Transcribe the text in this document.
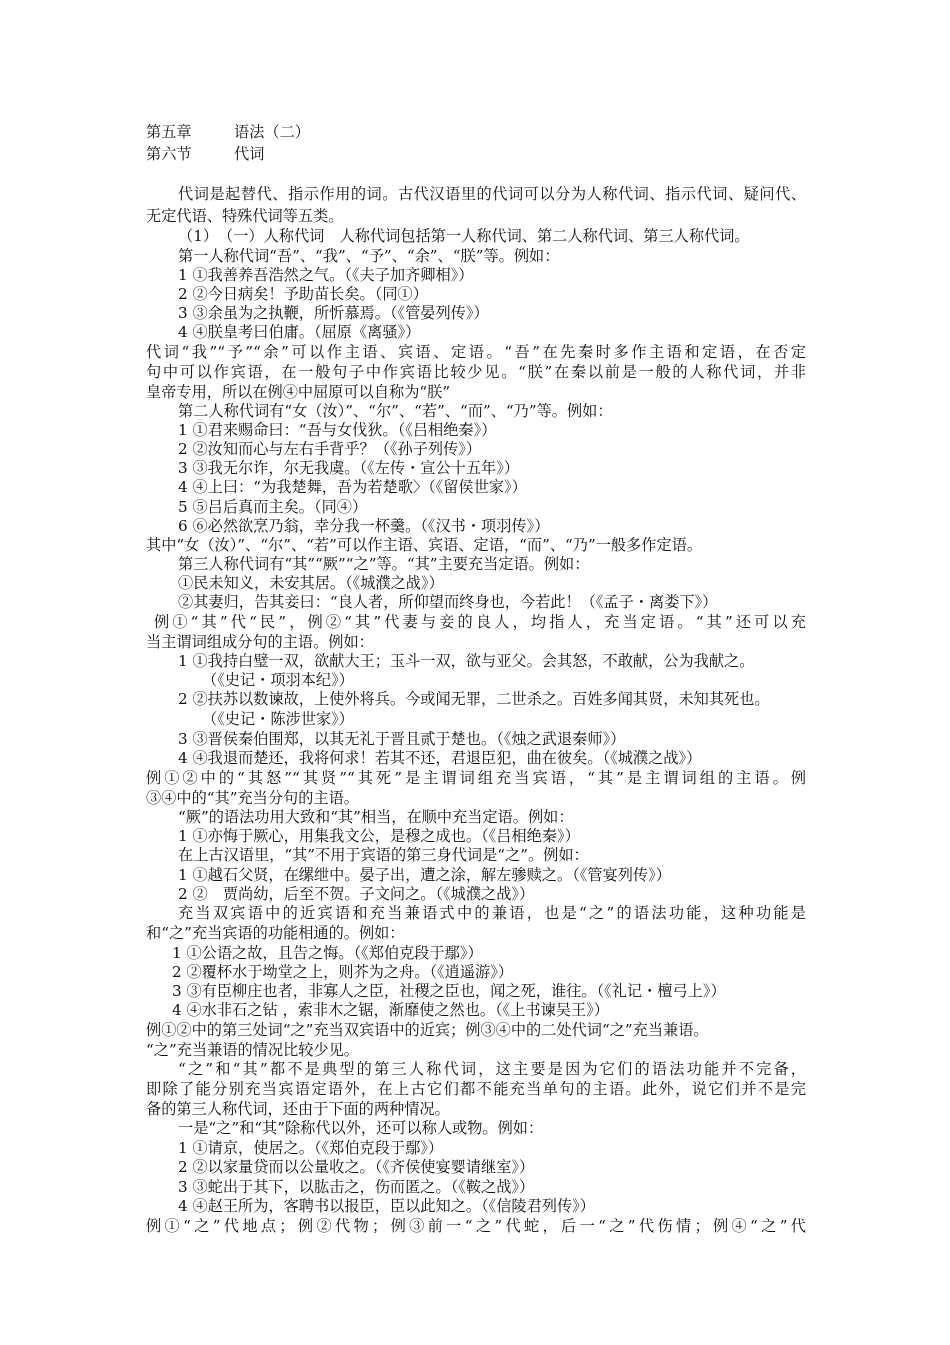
第五章	语法（二）
第六节	代词
代词是起替代、指示作用的词。古代汉语里的代词可以分为人称代词、指示代词、疑问代、
无定代语、特殊代词等五类。
（1）　（一）人称代词　人称代词包括第一人称代词、第二人称代词、第三人称代词。
第一人称代词“吾”、“我”、“予”、“余”、“朕”等。例如：
1 ①我善养吾浩然之气。（《夫子加齐卿相》）
2 ②今日病矣！予助苗长矣。（同①）
3 ③余虽为之执鞭，所忻慕焉。（《管晏列传》）
4 ④朕皇考曰伯庸。（屈原《离骚》）
代词“我”“予”“余”可以作主语、宾语、定语。“吾”在先秦时多作主语和定语，在否定
句中可以作宾语，在一般句子中作宾语比较少见。“朕”在秦以前是一般的人称代词，并非
皇帝专用，所以在例④中屈原可以自称为“朕”
第二人称代词有“女（汝）”、“尔”、“若”、“而”、“乃”等。例如：
1 ①君来赐命曰：“吾与女伐狄。（《吕相绝秦》）
2 ②汝知而心与左右手背乎？（《孙子列传》）
3 ③我无尔诈，尔无我虞。（《左传・宣公十五年》）
4 ④上曰：“为我楚舞，吾为若楚歌〉（《留侯世家》）
5 ⑤吕后真而主矣。（同④）
6 ⑥必然欲烹乃翁，幸分我一杯羹。（《汉书・项羽传》）
其中“女（汝）”、“尔”、“若”可以作主语、宾语、定语，“而”、“乃”一般多作定语。
第三人称代词有“其”“厥”“之”等。“其”主要充当定语。例如：
①民未知义，未安其居。（《城濮之战》）
②其妻归，告其妾曰：“良人者，所仰望而终身也，今若此！（《孟子・离娄下》）
例①“其”代“民”，例②“其”代妻与妾的良人，均指人，充当定语。“其”还可以充
当主谓词组成分句的主语。例如：
1 ①我持白璧一双，欲献大王；玉斗一双，欲与亚父。会其怒，不敢献，公为我献之。
（《史记・项羽本纪》）
2 ②扶苏以数谏故，上使外将兵。今或闻无罪，二世杀之。百姓多闻其贤，未知其死也。
（《史记・陈涉世家》）
3 ③晋侯秦伯围郑，以其无礼于晋且贰于楚也。（《烛之武退秦师》）
4 ④我退而楚还，我将何求！若其不还，君退臣犯，曲在彼矣。（《城濮之战》）
例①②中的“其怒”“其贤”“其死”是主谓词组充当宾语，“其”是主谓词组的主语。例
③④中的“其”充当分句的主语。
“厥”的语法功用大致和“其”相当，在顺中充当定语。例如：
1 ①亦悔于厥心，用集我文公，是穆之成也。（《吕相绝秦》）
在上古汉语里，“其”不用于宾语的第三身代词是“之”。例如：
1 ①越石父贤，在缧绁中。晏子出，遭之涂，解左骖赎之。（《管宴列传》）
2 ②　贾尚幼，后至不贺。子文问之。（《城濮之战》）
充当双宾语中的近宾语和充当兼语式中的兼语，也是“之”的语法功能，这种功能是
和“之”充当宾语的功能相通的。例如：
1 ①公语之故，且告之悔。（《郑伯克段于鄢》）
2 ②覆杯水于坳堂之上，则芥为之舟。（《逍遥游》）
3 ③有臣柳庄也者，非寡人之臣，社稷之臣也，闻之死，谁往。（《礼记・檀弓上》）
4 ④水非石之钻 ，索非木之锯，渐靡使之然也。（《上书谏吴王》）
例①②中的第三处词“之”充当双宾语中的近宾；例③④中的二处代词“之”充当兼语。
“之”充当兼语的情况比较少见。
“之”和“其”都不是典型的第三人称代词，这主要是因为它们的语法功能并不完备，
即除了能分别充当宾语定语外，在上古它们都不能充当单句的主语。此外，说它们并不是完
备的第三人称代词，还由于下面的两种情况。
一是“之”和“其”除称代以外，还可以称人或物。例如：
1 ①请京，使居之。（《郑伯克段于鄢》）
2 ②以家量贷而以公量收之。（《齐侯使宴婴请继室》）
3 ③蛇出于其下，以肱击之，伤而匿之。（《鞍之战》）
4 ④赵王所为，客聘书以报臣，臣以此知之。（《信陵君列传》）
例①“之”代地点；例②代物；例③前一“之”代蛇，后一“之”代伤情；例④“之”代
